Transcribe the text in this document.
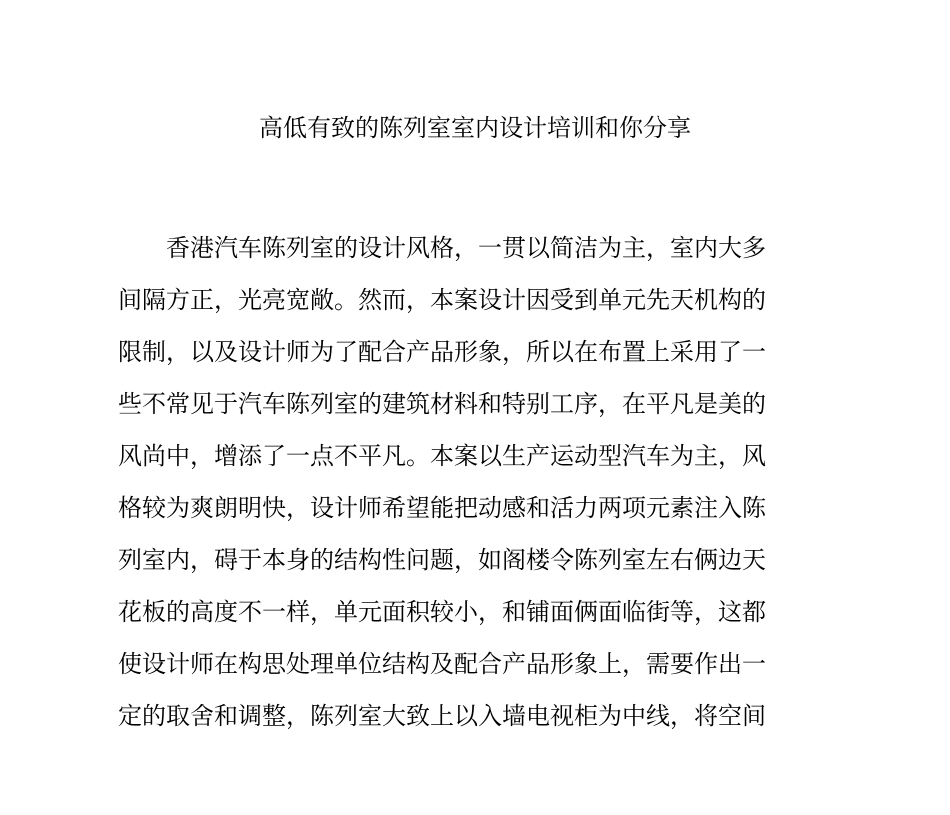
高低有致的陈列室室内设计培训和你分享
香港汽车陈列室的设计风格，一贯以简洁为主，室内大多
间隔方正，光亮宽敞。然而，本案设计因受到单元先天机构的
限制，以及设计师为了配合产品形象，所以在布置上采用了一
些不常见于汽车陈列室的建筑材料和特别工序，在平凡是美的
风尚中，增添了一点不平凡。本案以生产运动型汽车为主，风
格较为爽朗明快，设计师希望能把动感和活力两项元素注入陈
列室内，碍于本身的结构性问题，如阁楼令陈列室左右俩边天
花板的高度不一样，单元面积较小，和铺面俩面临街等，这都
使设计师在构思处理单位结构及配合产品形象上，需要作出一
定的取舍和调整，陈列室大致上以入墙电视柜为中线，将空间
